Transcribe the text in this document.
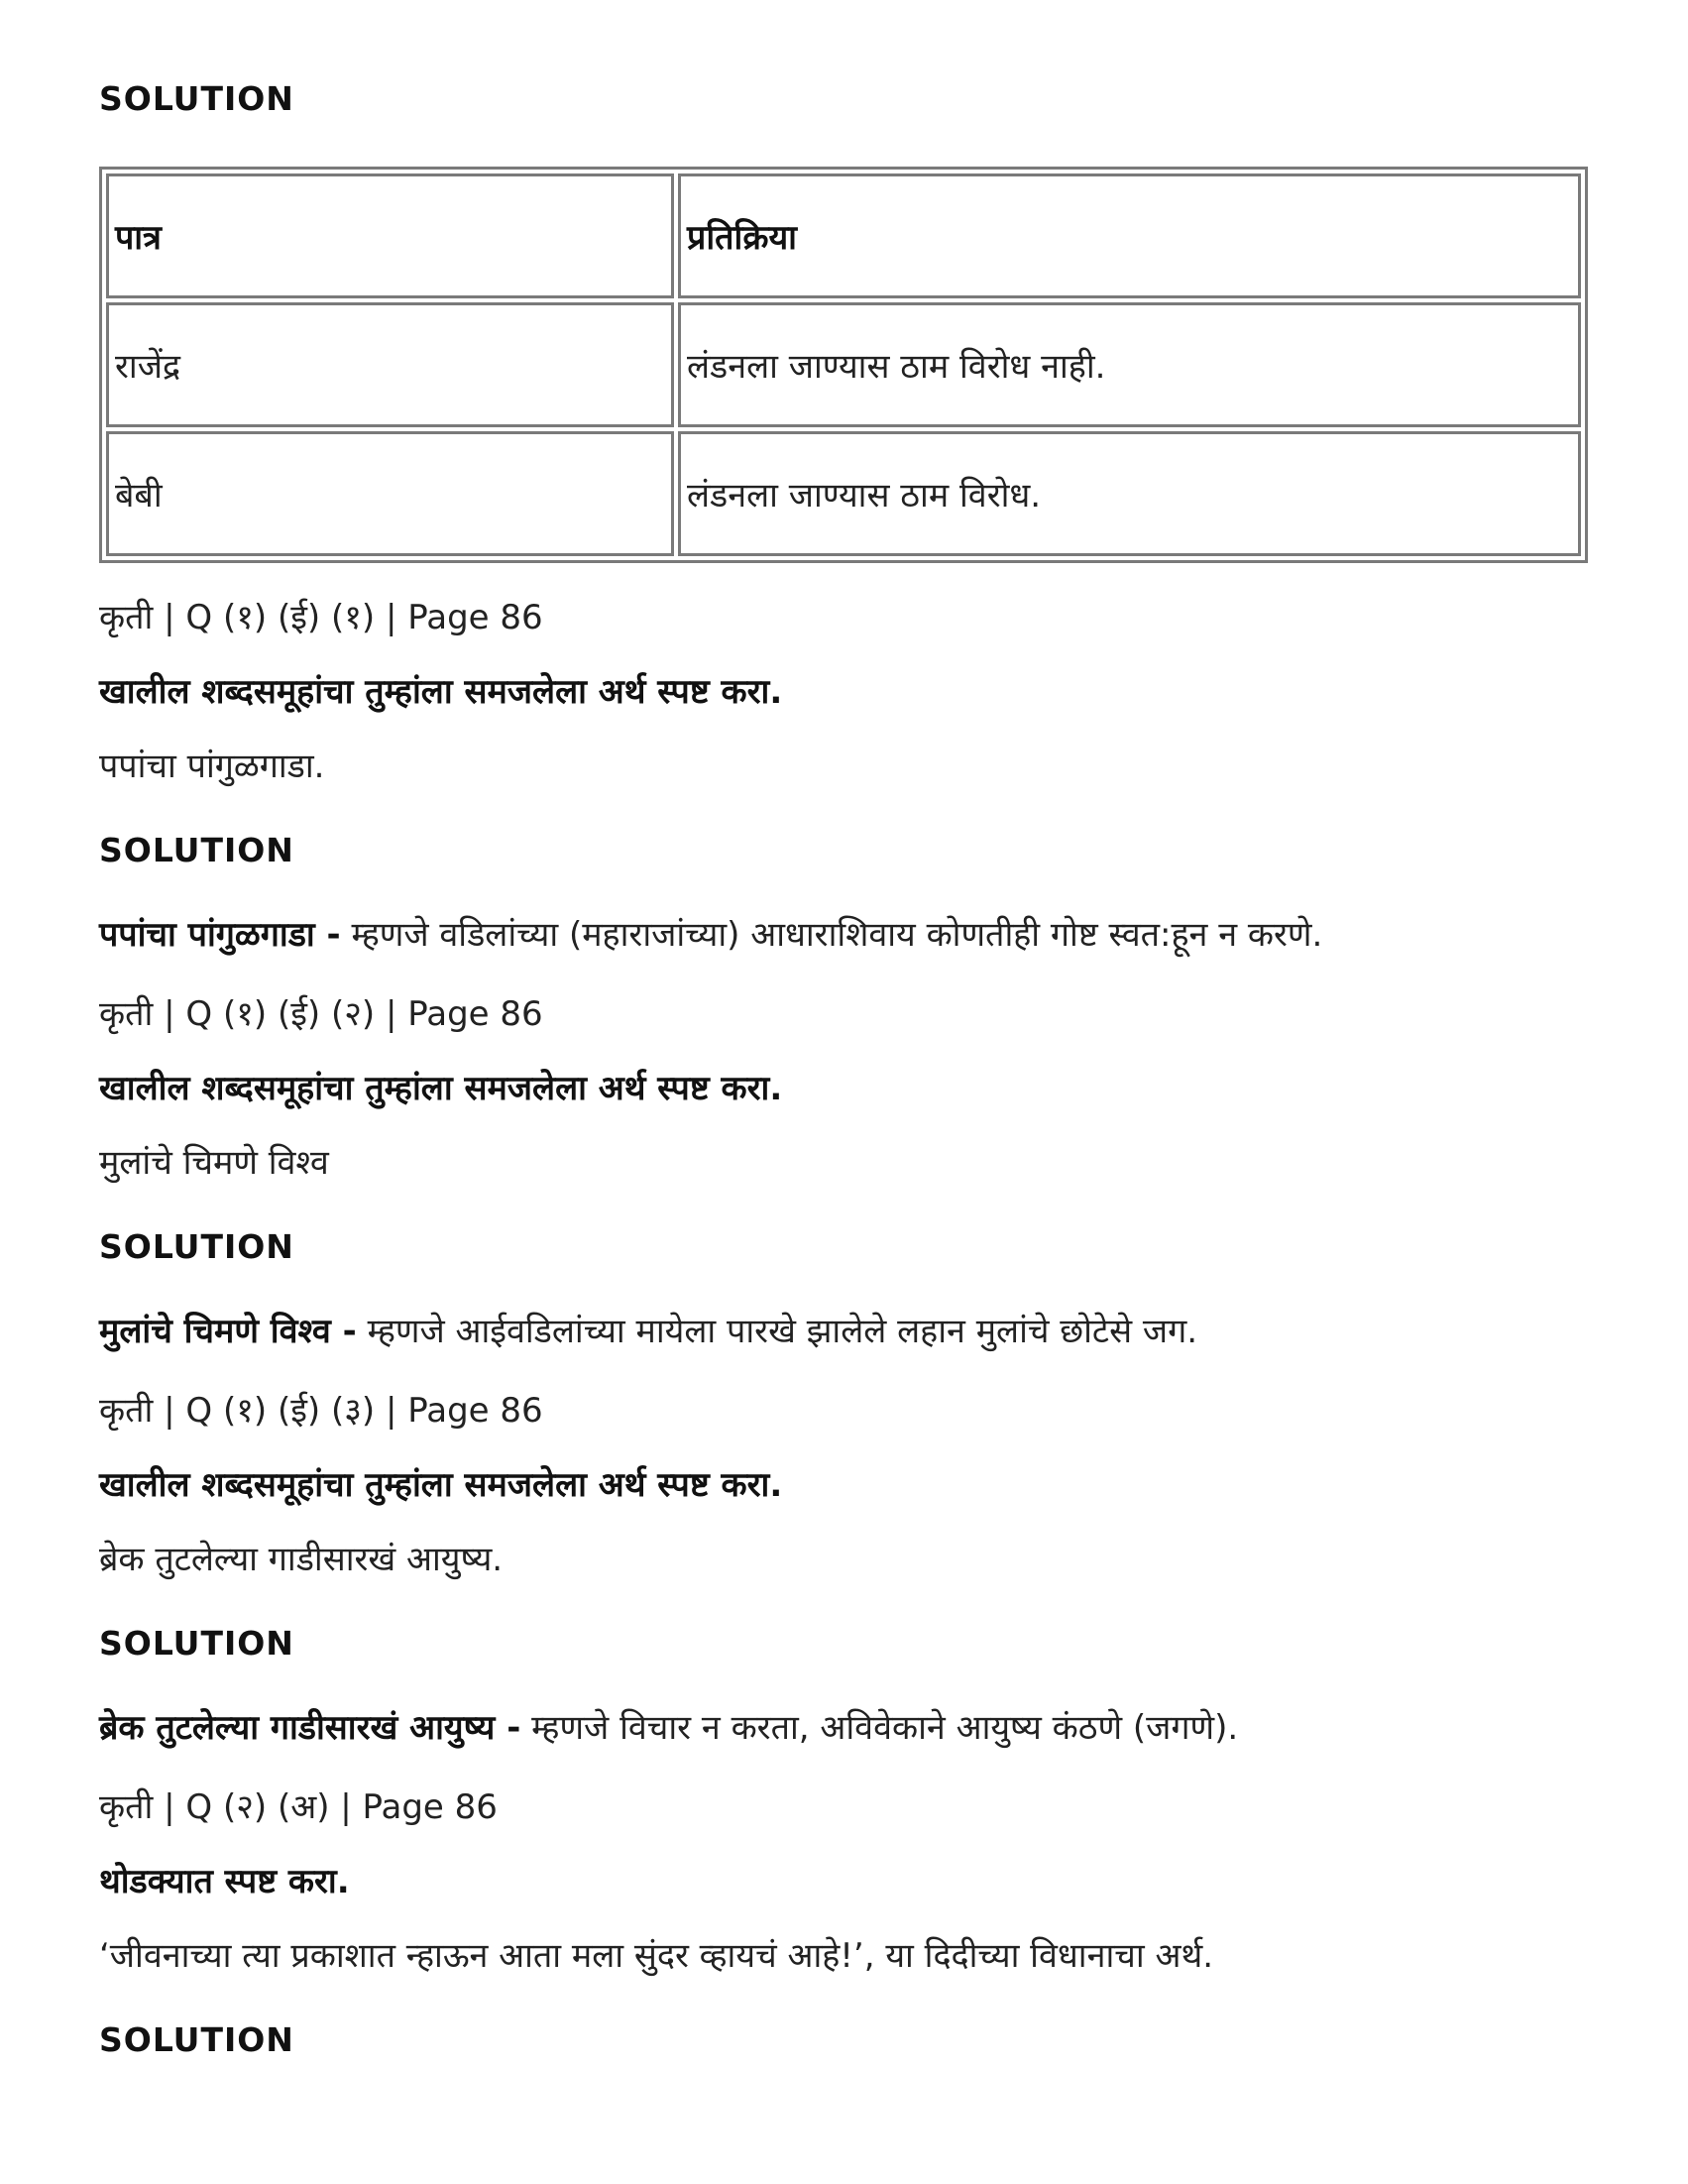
SOLUTION
पात्र	प्रतिक्रिया
राजेंद्र	लंडनला जाण्यास ठाम विरोध नाही.
बेबी	लंडनला जाण्यास ठाम विरोध.
कृती | Q (१) (ई) (१) | Page 86
खालील शब्दसमूहांचा तुम्हांला समजलेला अर्थ स्पष्ट करा.
पपांचा पांगुळगाडा.
SOLUTION
पपांचा पांगुळगाडा - म्हणजे वडिलांच्या (महाराजांच्या) आधाराशिवाय कोणतीही गोष्ट स्वत:हून न करणे.
कृती | Q (१) (ई) (२) | Page 86
खालील शब्दसमूहांचा तुम्हांला समजलेला अर्थ स्पष्ट करा.
मुलांचे चिमणे विश्व
SOLUTION
मुलांचे चिमणे विश्व - म्हणजे आईवडिलांच्या मायेला पारखे झालेले लहान मुलांचे छोटेसे जग.
कृती | Q (१) (ई) (३) | Page 86
खालील शब्दसमूहांचा तुम्हांला समजलेला अर्थ स्पष्ट करा.
ब्रेक तुटलेल्या गाडीसारखं आयुष्य.
SOLUTION
ब्रेक तुटलेल्या गाडीसारखं आयुष्य - म्हणजे विचार न करता, अविवेकाने आयुष्य कंठणे (जगणे).
कृती | Q (२) (अ) | Page 86
थोडक्यात स्पष्ट करा.
‘जीवनाच्या त्या प्रकाशात न्हाऊन आता मला सुंदर व्हायचं आहे!’, या दिदीच्या विधानाचा अर्थ.
SOLUTION
